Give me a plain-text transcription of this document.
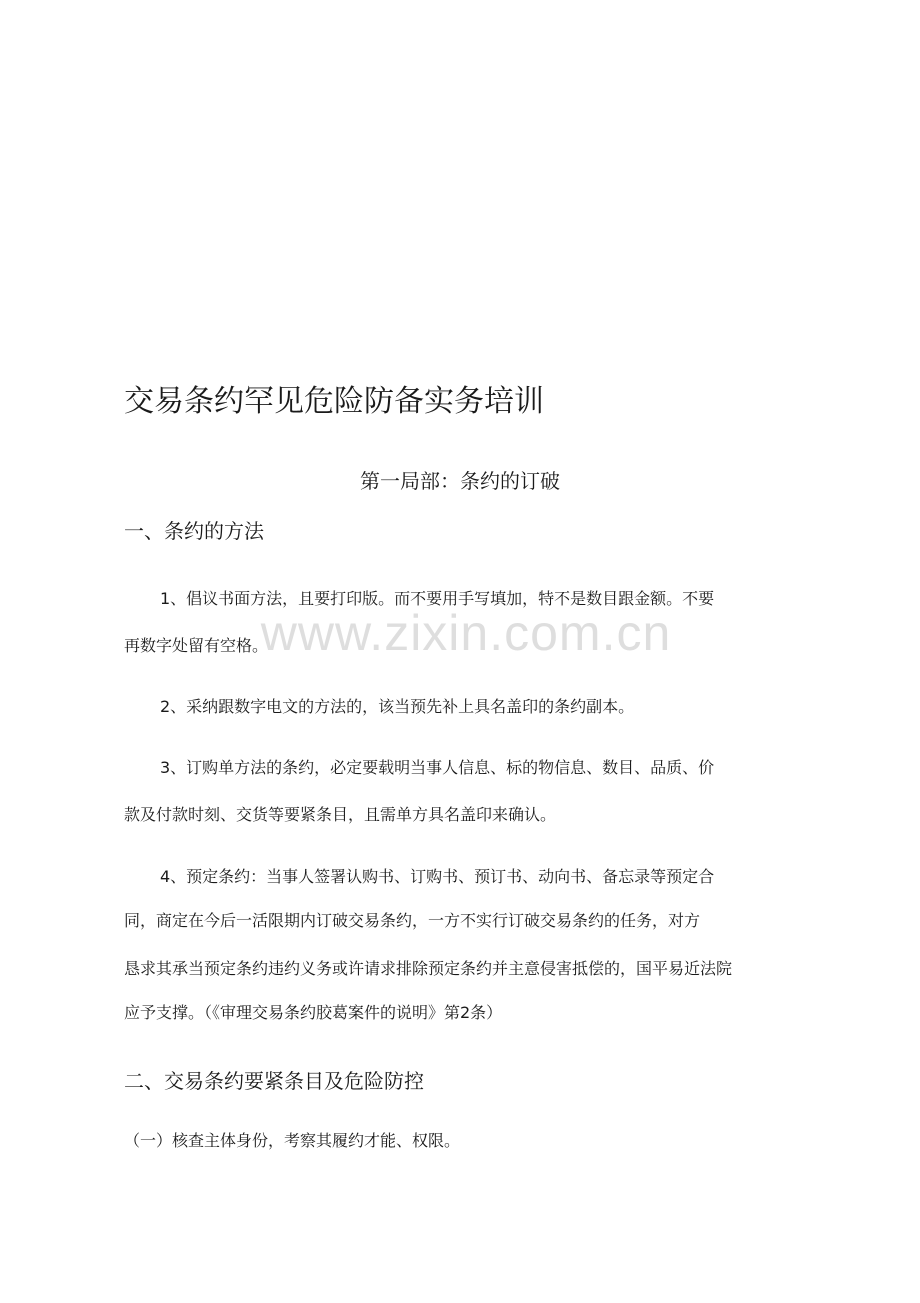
www.zixin.com.cn
交易条约罕见危险防备实务培训
第一局部：条约的订破
一、条约的方法
1、倡议书面方法，且要打印版。而不要用手写填加，特不是数目跟金额。不要
再数字处留有空格。
2、采纳跟数字电文的方法的，该当预先补上具名盖印的条约副本。
3、订购单方法的条约，必定要载明当事人信息、标的物信息、数目、品质、价
款及付款时刻、交货等要紧条目，且需单方具名盖印来确认。
4、预定条约：当事人签署认购书、订购书、预订书、动向书、备忘录等预定合
同，商定在今后一活限期内订破交易条约，一方不实行订破交易条约的任务，对方
恳求其承当预定条约违约义务或许请求排除预定条约并主意侵害抵偿的，国平易近法院
应予支撑。（《审理交易条约胶葛案件的说明》第2条）
二、交易条约要紧条目及危险防控
（一）核查主体身份，考察其履约才能、权限。
